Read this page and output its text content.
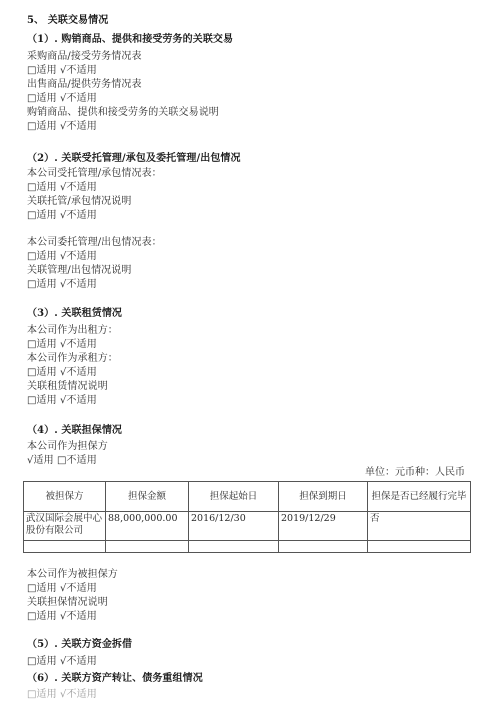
5、 关联交易情况
（1）. 购销商品、提供和接受劳务的关联交易
采购商品/接受劳务情况表
□适用 √不适用
出售商品/提供劳务情况表
□适用 √不适用
购销商品、提供和接受劳务的关联交易说明
□适用 √不适用
（2）. 关联受托管理/承包及委托管理/出包情况
本公司受托管理/承包情况表：
□适用 √不适用
关联托管/承包情况说明
□适用 √不适用
本公司委托管理/出包情况表：
□适用 √不适用
关联管理/出包情况说明
□适用 √不适用
（3）. 关联租赁情况
本公司作为出租方：
□适用 √不适用
本公司作为承租方：
□适用 √不适用
关联租赁情况说明
□适用 √不适用
（4）. 关联担保情况
本公司作为担保方
√适用 □不适用
本公司作为被担保方
□适用 √不适用
关联担保情况说明
□适用 √不适用
（5）. 关联方资金拆借
□适用 √不适用
（6）. 关联方资产转让、债务重组情况
□适用 √不适用
单位：元币种：人民币
被担保方	担保金额	担保起始日	担保到期日	担保是否已经履行完毕
武汉国际会展中心股份有限公司	88,000,000.00	2016/12/30	2019/12/29	否
